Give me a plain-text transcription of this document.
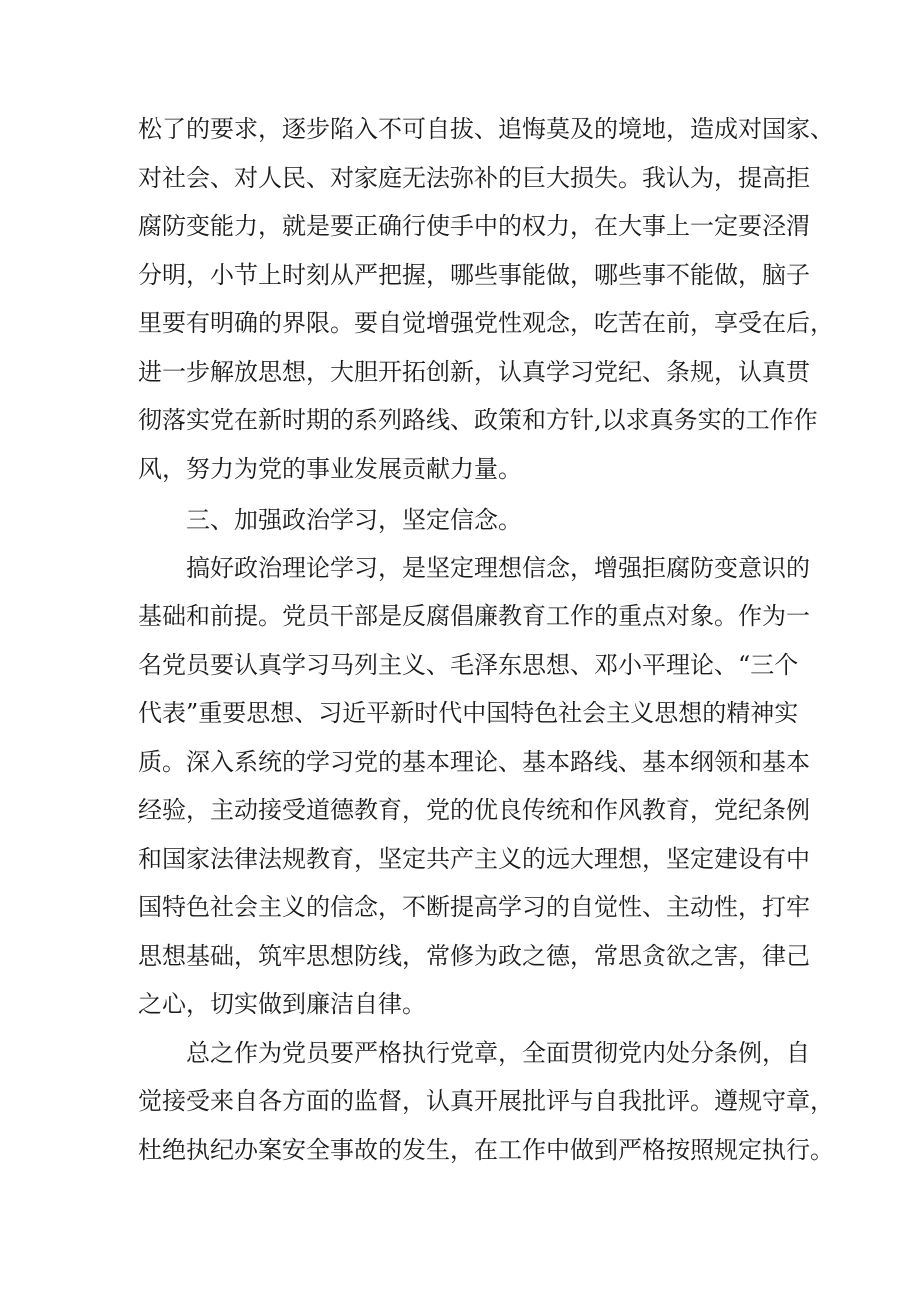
松了的要求，逐步陷入不可自拔、追悔莫及的境地，造成对国家、
对社会、对人民、对家庭无法弥补的巨大损失。我认为，提高拒
腐防变能力，就是要正确行使手中的权力，在大事上一定要泾渭
分明，小节上时刻从严把握，哪些事能做，哪些事不能做，脑子
里要有明确的界限。要自觉增强党性观念，吃苦在前，享受在后，
进一步解放思想，大胆开拓创新，认真学习党纪、条规，认真贯
彻落实党在新时期的系列路线、政策和方针,以求真务实的工作作
风，努力为党的事业发展贡献力量。
三、加强政治学习，坚定信念。
搞好政治理论学习，是坚定理想信念，增强拒腐防变意识的
基础和前提。党员干部是反腐倡廉教育工作的重点对象。作为一
名党员要认真学习马列主义、毛泽东思想、邓小平理论、“三个
代表”重要思想、习近平新时代中国特色社会主义思想的精神实
质。深入系统的学习党的基本理论、基本路线、基本纲领和基本
经验，主动接受道德教育，党的优良传统和作风教育，党纪条例
和国家法律法规教育，坚定共产主义的远大理想，坚定建设有中
国特色社会主义的信念，不断提高学习的自觉性、主动性，打牢
思想基础，筑牢思想防线，常修为政之德，常思贪欲之害，律己
之心，切实做到廉洁自律。
总之作为党员要严格执行党章，全面贯彻党内处分条例，自
觉接受来自各方面的监督，认真开展批评与自我批评。遵规守章，
杜绝执纪办案安全事故的发生，在工作中做到严格按照规定执行。
